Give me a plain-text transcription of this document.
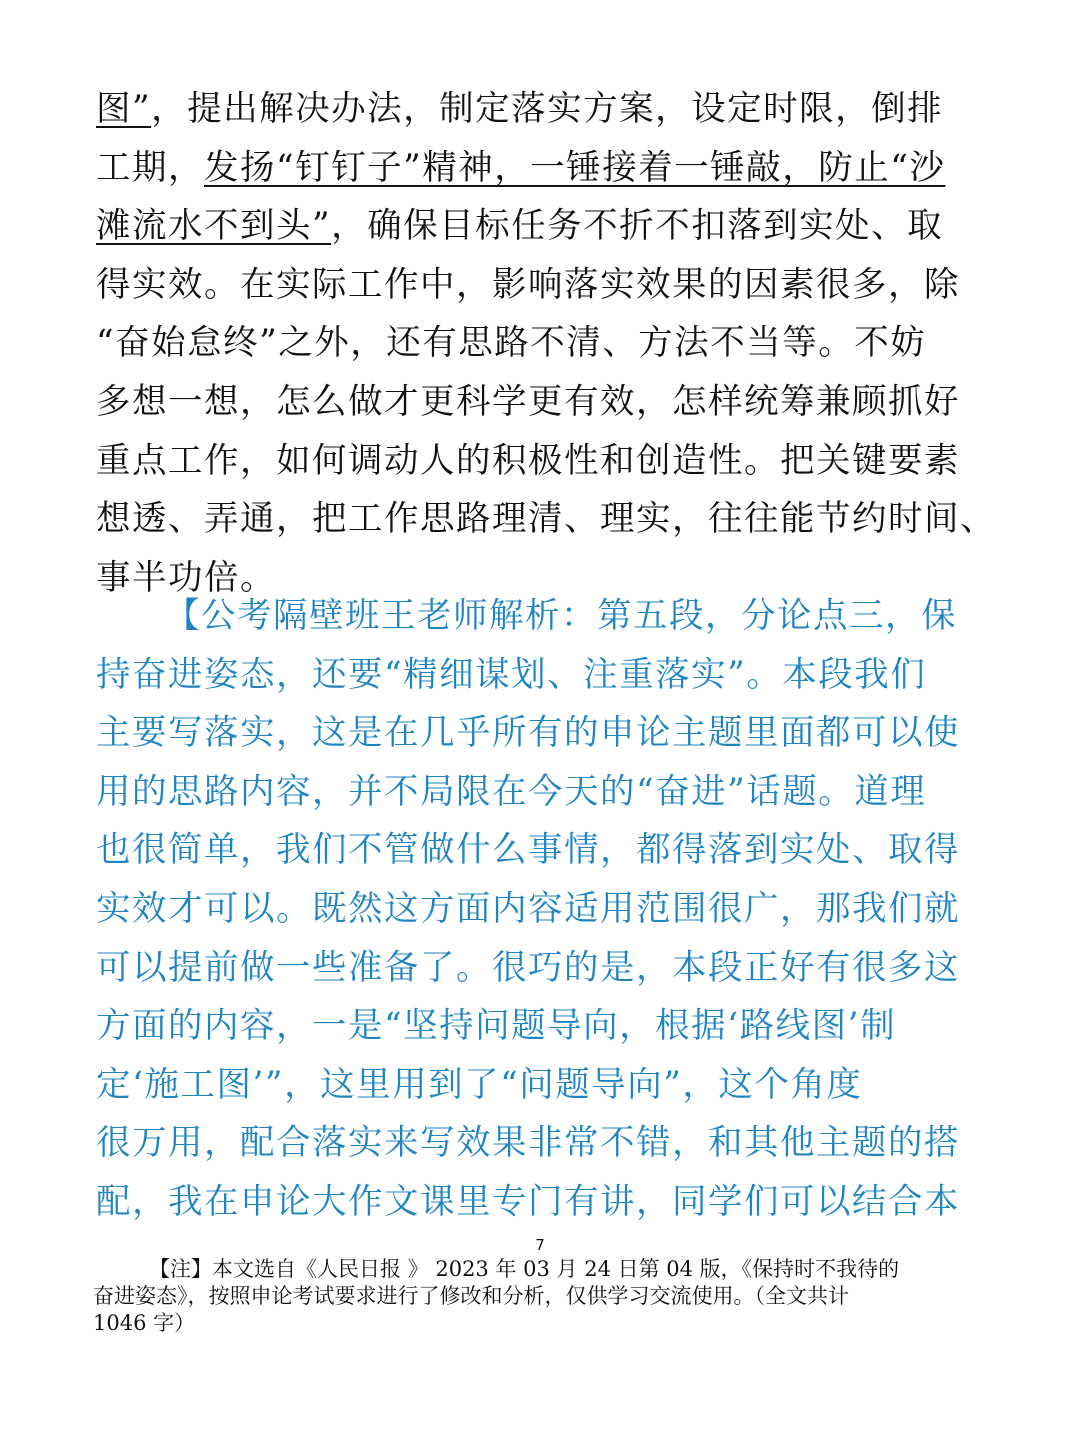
图”，提出解决办法，制定落实方案，设定时限，倒排
工期，发扬“钉钉子”精神，一锤接着一锤敲，防止“沙
滩流水不到头”，确保目标任务不折不扣落到实处、取
得实效。在实际工作中，影响落实效果的因素很多，除
“奋始怠终”之外，还有思路不清、方法不当等。不妨
多想一想，怎么做才更科学更有效，怎样统筹兼顾抓好
重点工作，如何调动人的积极性和创造性。把关键要素
想透、弄通，把工作思路理清、理实，往往能节约时间、
事半功倍。
【公考隔壁班王老师解析：第五段，分论点三，保
持奋进姿态，还要“精细谋划、注重落实”。本段我们
主要写落实，这是在几乎所有的申论主题里面都可以使
用的思路内容，并不局限在今天的“奋进”话题。道理
也很简单，我们不管做什么事情，都得落到实处、取得
实效才可以。既然这方面内容适用范围很广，那我们就
可以提前做一些准备了。很巧的是，本段正好有很多这
方面的内容，一是“坚持问题导向，根据‘路线图’制
定‘施工图’”，这里用到了“问题导向”，这个角度
很万用，配合落实来写效果非常不错，和其他主题的搭
配，我在申论大作文课里专门有讲，同学们可以结合本
7
【注】本文选自《人民日报 》 2023 年 03 月 24 日第 04 版，《保持时不我待的
奋进姿态》，按照申论考试要求进行了修改和分析，仅供学习交流使用。（全文共计
1046 字）
